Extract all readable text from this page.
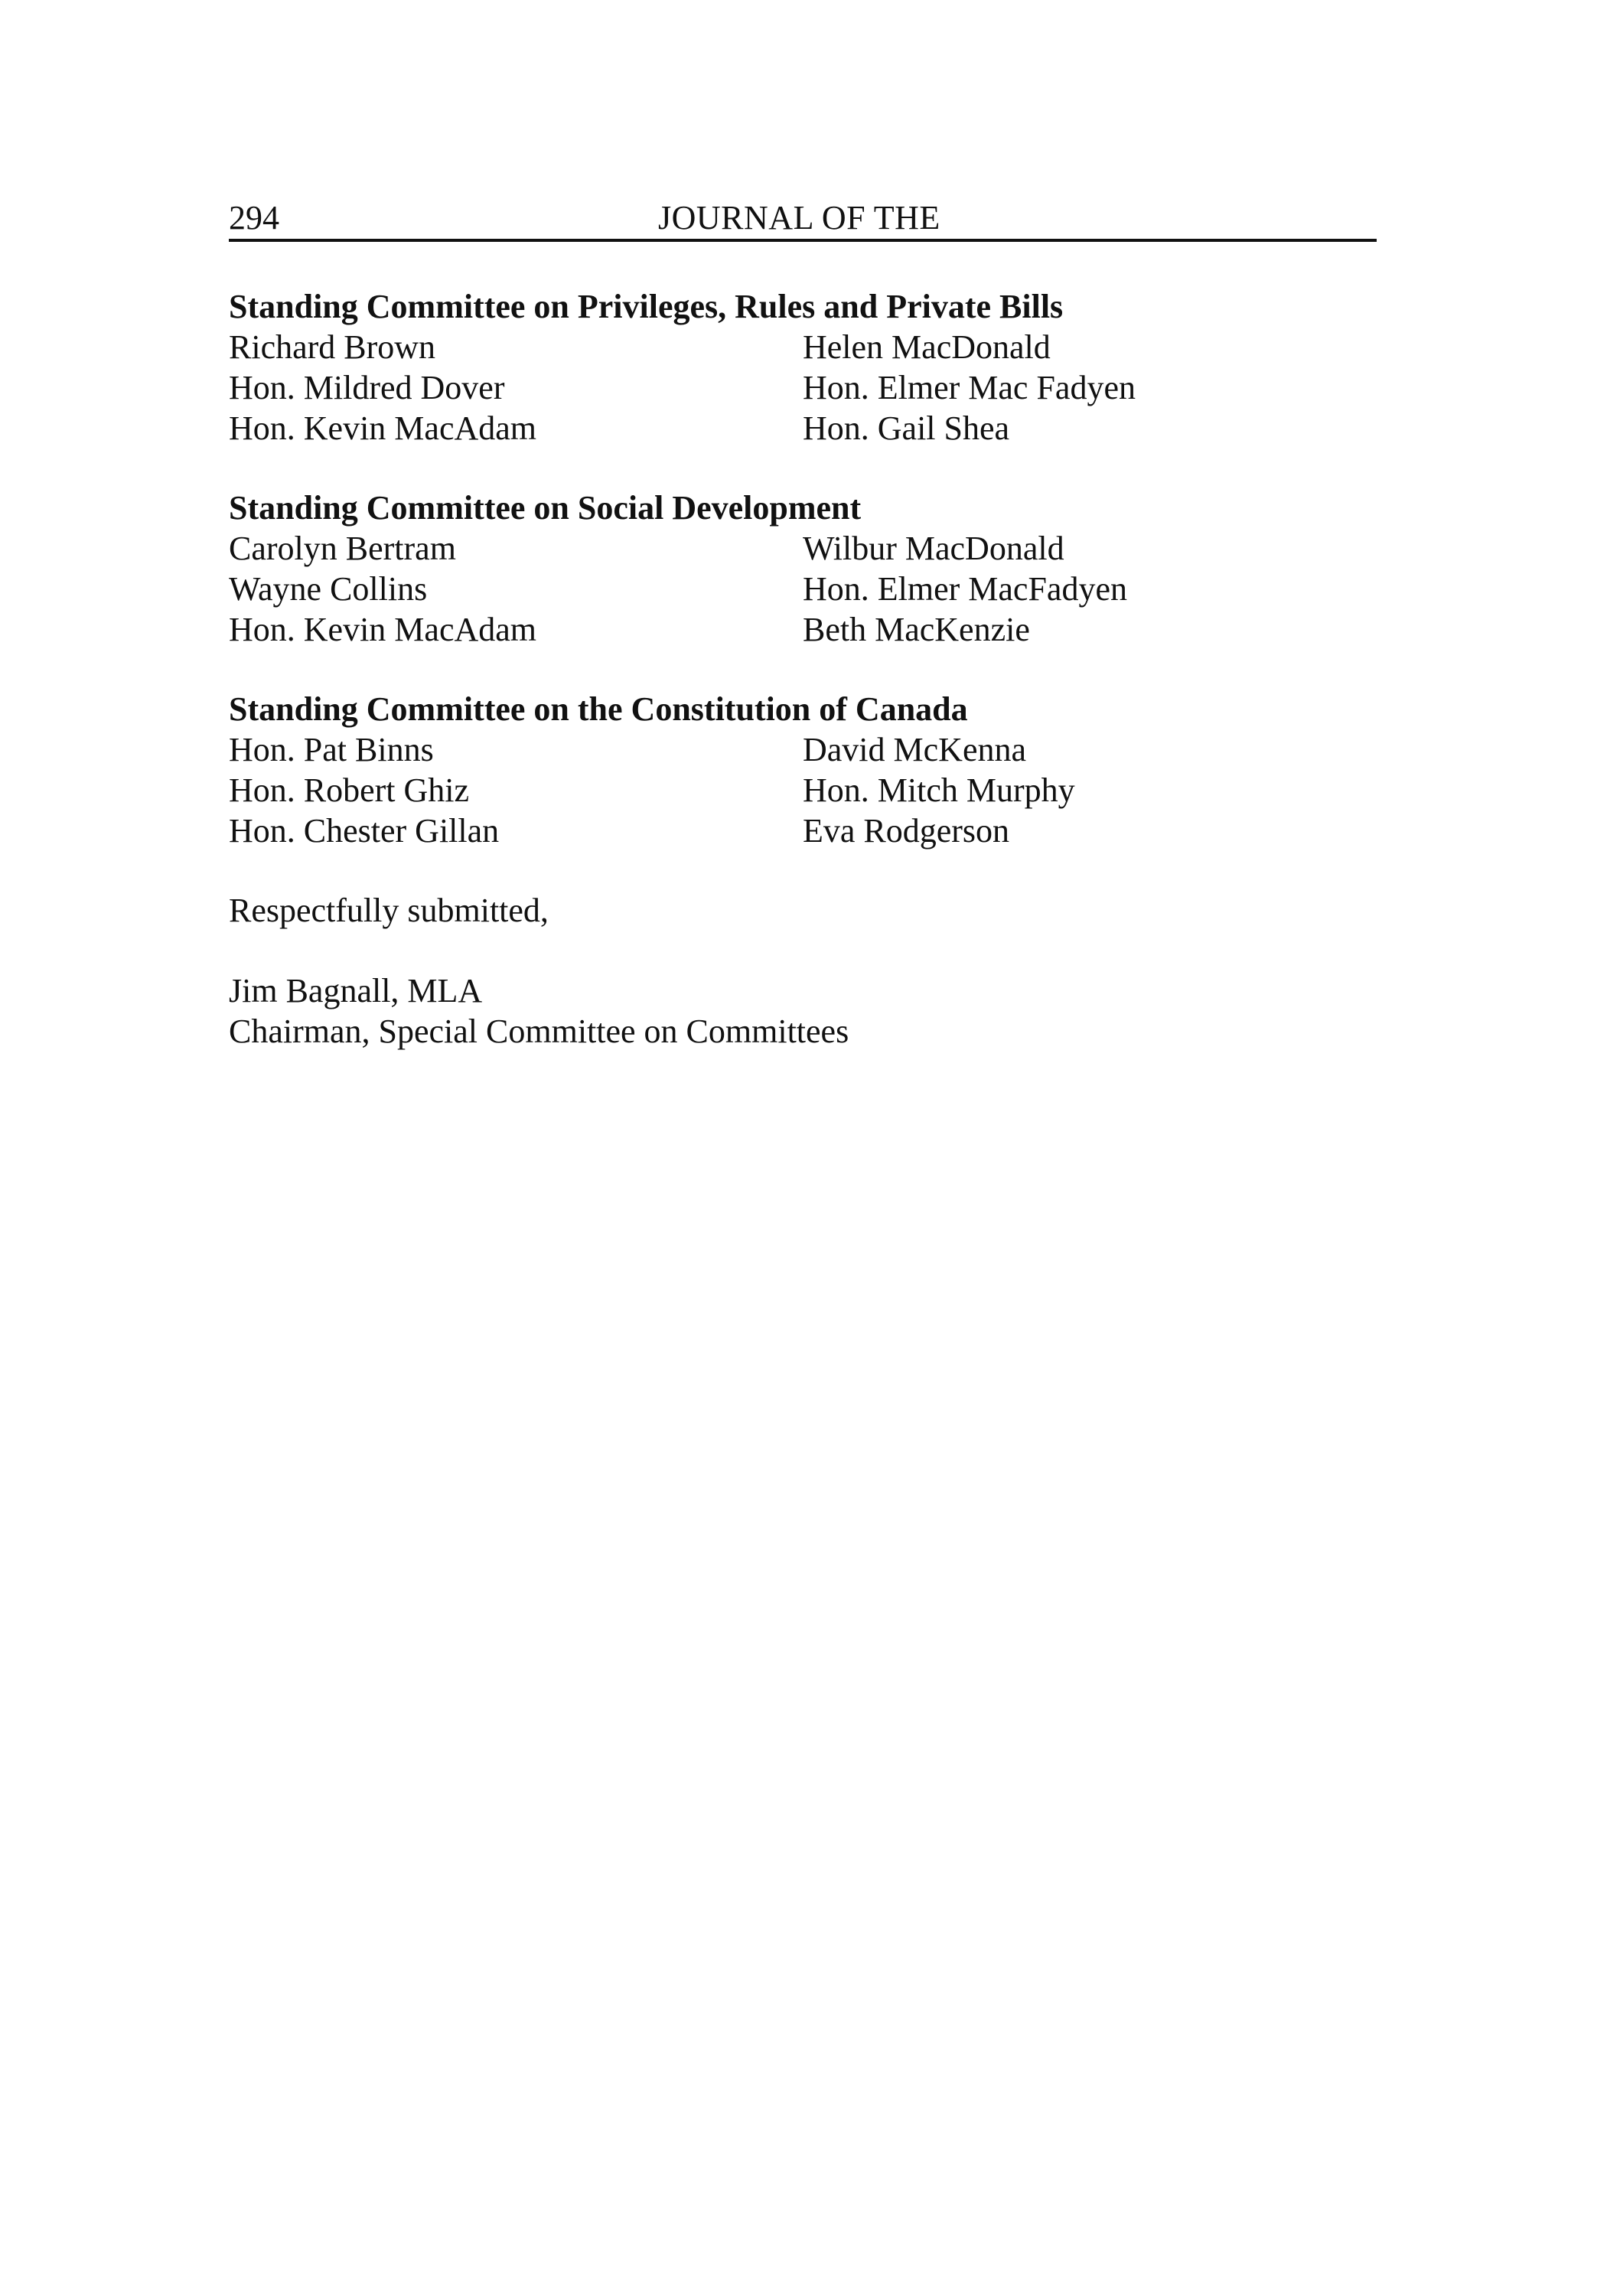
294	JOURNAL OF THE

Standing Committee on Privileges, Rules and Private Bills

Richard Brown	Helen MacDonald
Hon. Mildred Dover	Hon. Elmer Mac Fadyen
Hon. Kevin MacAdam	Hon. Gail Shea

Standing Committee on Social Development

Carolyn Bertram	Wilbur MacDonald
Wayne Collins	Hon. Elmer MacFadyen
Hon. Kevin MacAdam	Beth MacKenzie

Standing Committee on the Constitution of Canada

Hon. Pat Binns	David McKenna
Hon. Robert Ghiz	Hon. Mitch Murphy
Hon. Chester Gillan	Eva Rodgerson
Respectfully submitted,
Jim Bagnall, MLA
Chairman, Special Committee on Committees
